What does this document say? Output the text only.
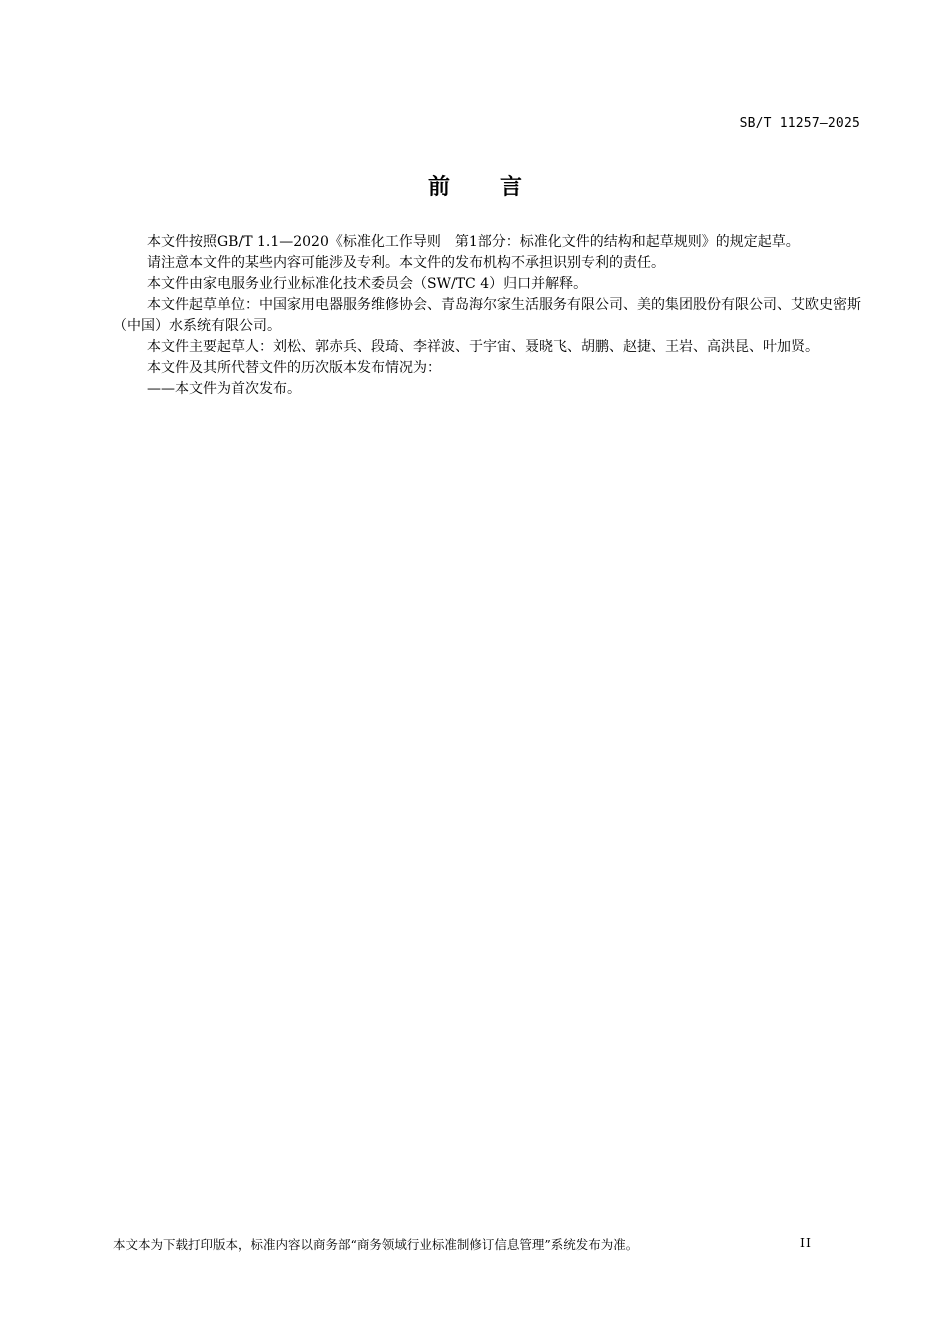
SB/T 11257—2025
前 言

本文件按照GB/T 1.1—2020《标准化工作导则　第1部分：标准化文件的结构和起草规则》的规定起草。

请注意本文件的某些内容可能涉及专利。本文件的发布机构不承担识别专利的责任。

本文件由家电服务业行业标准化技术委员会（SW/TC 4）归口并解释。

本文件起草单位：中国家用电器服务维修协会、青岛海尔家生活服务有限公司、美的集团股份有限公司、艾欧史密斯（中国）水系统有限公司。

本文件主要起草人：刘松、郭赤兵、段琦、李祥波、于宇宙、聂晓飞、胡鹏、赵捷、王岩、高洪昆、叶加贤。

本文件及其所代替文件的历次版本发布情况为：

——本文件为首次发布。

本文本为下载打印版本，标准内容以商务部“商务领域行业标准制修订信息管理”系统发布为准。	II
